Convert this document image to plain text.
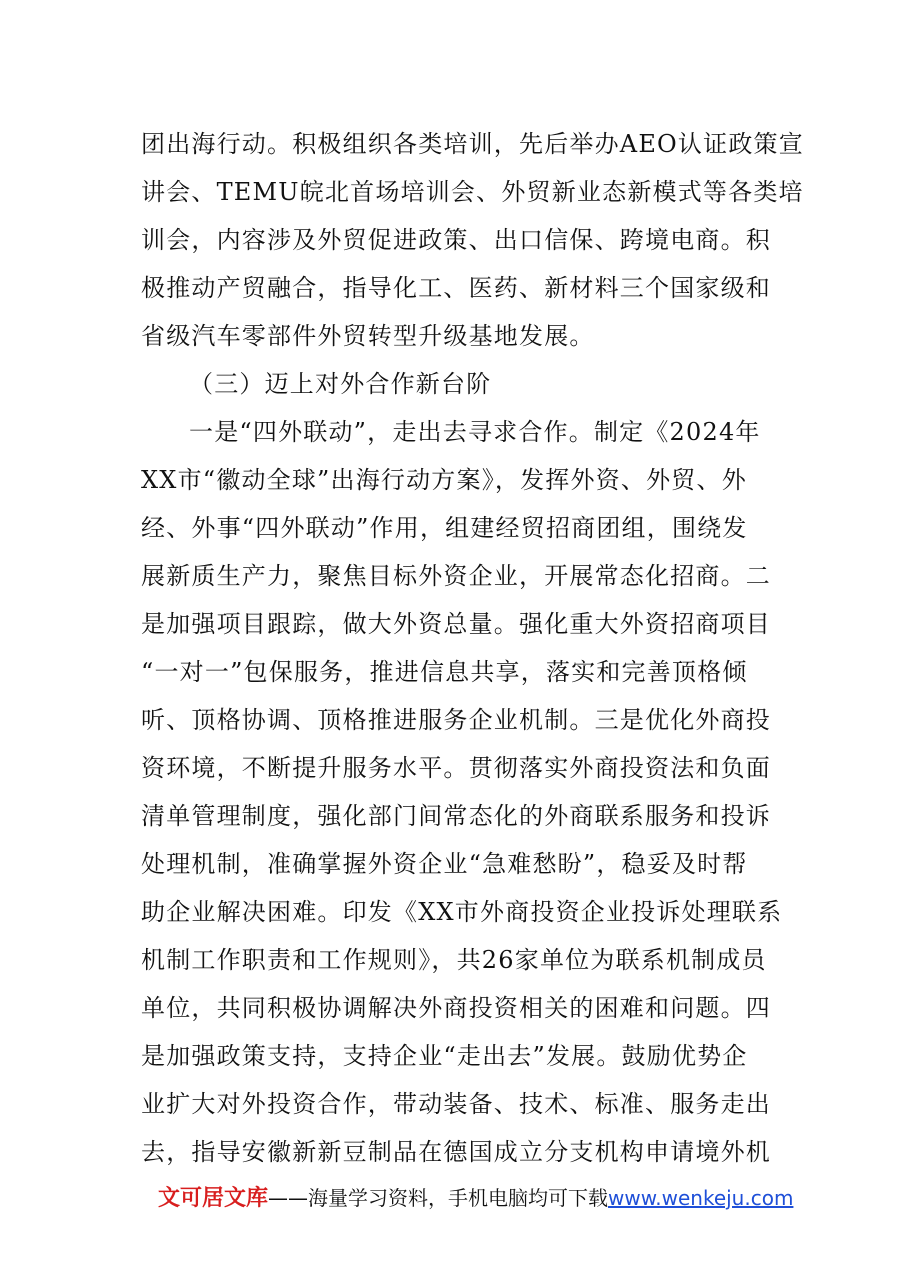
团出海行动。积极组织各类培训，先后举办AEO认证政策宣
讲会、TEMU皖北首场培训会、外贸新业态新模式等各类培
训会，内容涉及外贸促进政策、出口信保、跨境电商。积
极推动产贸融合，指导化工、医药、新材料三个国家级和
省级汽车零部件外贸转型升级基地发展。
（三）迈上对外合作新台阶
一是“四外联动”，走出去寻求合作。制定《2024年
XX市“徽动全球”出海行动方案》，发挥外资、外贸、外
经、外事“四外联动”作用，组建经贸招商团组，围绕发
展新质生产力，聚焦目标外资企业，开展常态化招商。二
是加强项目跟踪，做大外资总量。强化重大外资招商项目
“一对一”包保服务，推进信息共享，落实和完善顶格倾
听、顶格协调、顶格推进服务企业机制。三是优化外商投
资环境，不断提升服务水平。贯彻落实外商投资法和负面
清单管理制度，强化部门间常态化的外商联系服务和投诉
处理机制，准确掌握外资企业“急难愁盼”，稳妥及时帮
助企业解决困难。印发《XX市外商投资企业投诉处理联系
机制工作职责和工作规则》，共26家单位为联系机制成员
单位，共同积极协调解决外商投资相关的困难和问题。四
是加强政策支持，支持企业“走出去”发展。鼓励优势企
业扩大对外投资合作，带动装备、技术、标准、服务走出
去，指导安徽新新豆制品在德国成立分支机构申请境外机
文可居文库——海量学习资料，手机电脑均可下载www.wenkeju.com
